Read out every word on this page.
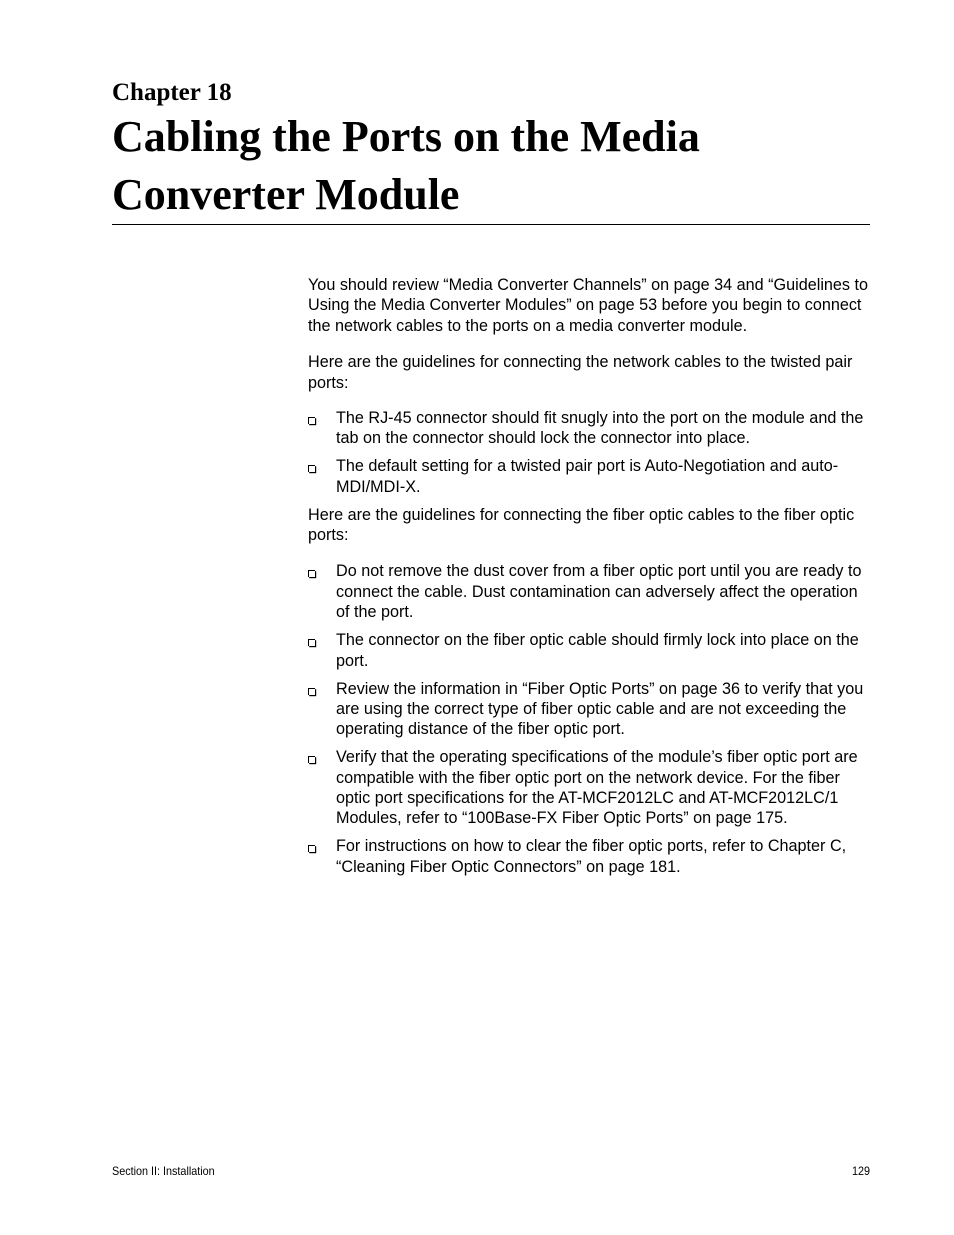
Chapter 18
Cabling the Ports on the Media
Converter Module

You should review “Media Converter Channels” on page 34 and “Guidelines to Using the Media Converter Modules” on page 53 before you begin to connect the network cables to the ports on a media converter module.

Here are the guidelines for connecting the network cables to the twisted pair ports:

The RJ-45 connector should fit snugly into the port on the module and the tab on the connector should lock the connector into place.
The default setting for a twisted pair port is Auto-Negotiation and auto-MDI/MDI-X.

Here are the guidelines for connecting the fiber optic cables to the fiber optic ports:

Do not remove the dust cover from a fiber optic port until you are ready to connect the cable. Dust contamination can adversely affect the operation of the port.
The connector on the fiber optic cable should firmly lock into place on the port.
Review the information in “Fiber Optic Ports” on page 36 to verify that you are using the correct type of fiber optic cable and are not exceeding the operating distance of the fiber optic port.
Verify that the operating specifications of the module’s fiber optic port are compatible with the fiber optic port on the network device. For the fiber optic port specifications for the AT-MCF2012LC and AT-MCF2012LC/1 Modules, refer to “100Base-FX Fiber Optic Ports” on page 175.
For instructions on how to clear the fiber optic ports, refer to Chapter C, “Cleaning Fiber Optic Connectors” on page 181.
Section II: Installation	129
